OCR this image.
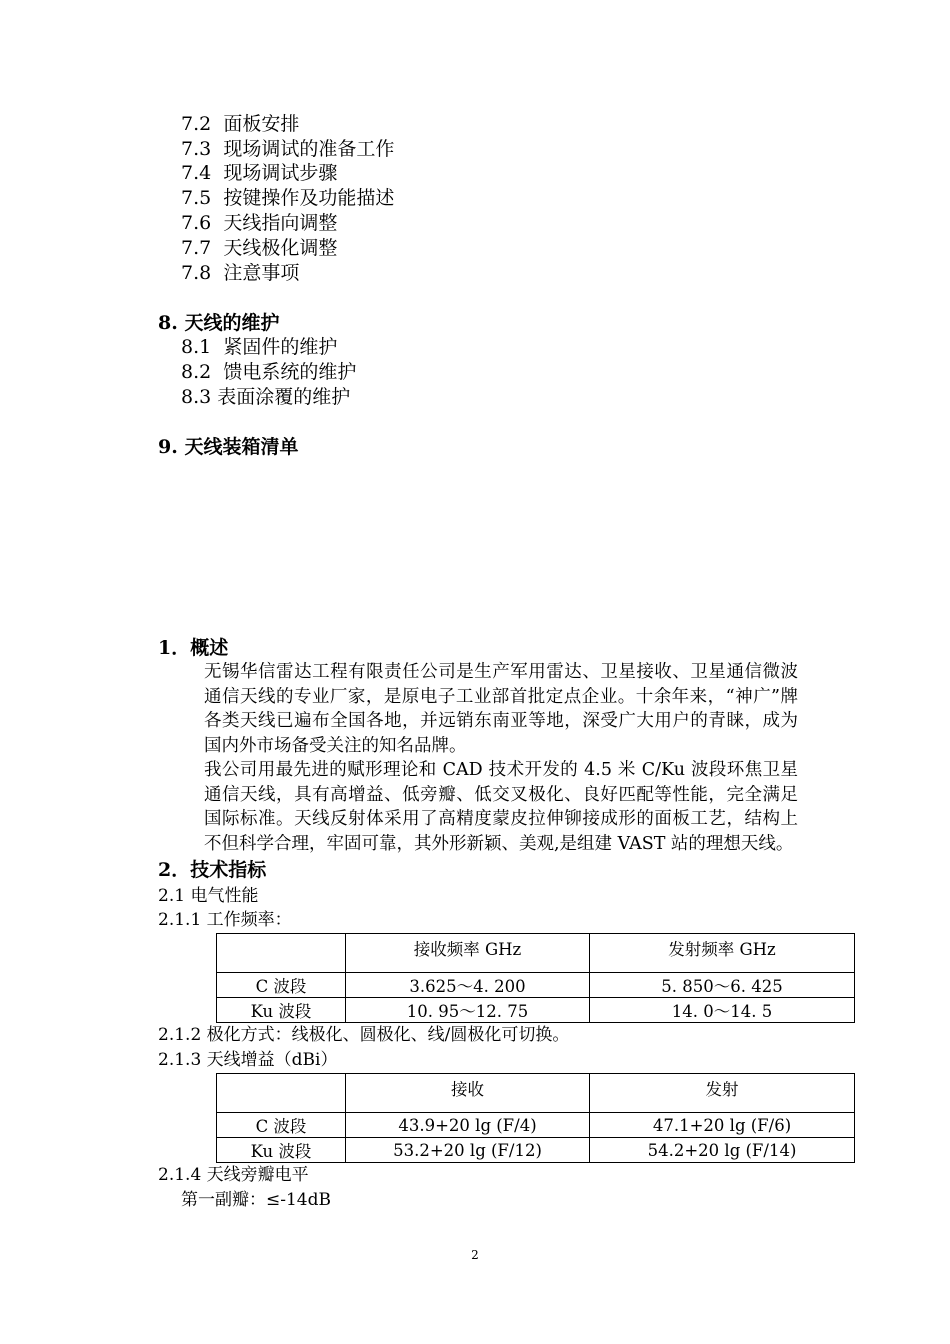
7.2 面板安排
7.3 现场调试的准备工作
7.4 现场调试步骤
7.5 按键操作及功能描述
7.6 天线指向调整
7.7 天线极化调整
7.8 注意事项
8. 天线的维护
8.1 紧固件的维护
8.2 馈电系统的维护
8.3 表面涂覆的维护
9. 天线装箱清单
1．概述
无锡华信雷达工程有限责任公司是生产军用雷达、卫星接收、卫星通信微波通信天线的专业厂家，是原电子工业部首批定点企业。十余年来，“神广”牌各类天线已遍布全国各地，并远销东南亚等地，深受广大用户的青睐，成为国内外市场备受关注的知名品牌。
我公司用最先进的赋形理论和 CAD 技术开发的 4.5 米 C/Ku 波段环焦卫星通信天线，具有高增益、低旁瓣、低交叉极化、良好匹配等性能，完全满足国际标准。天线反射体采用了高精度蒙皮拉伸铆接成形的面板工艺，结构上不但科学合理，牢固可靠，其外形新颖、美观,是组建 VAST 站的理想天线。
2．技术指标
2.1 电气性能
2.1.1 工作频率：
	接收频率 GHz	发射频率 GHz
C 波段	3.625～4. 200	5. 850～6. 425
Ku 波段	10. 95～12. 75	14. 0～14. 5
2.1.2 极化方式：线极化、圆极化、线/圆极化可切换。
2.1.3 天线增益（dBi）
	接收	发射
C 波段	43.9+20 lg (F/4)	47.1+20 lg (F/6)
Ku 波段	53.2+20 lg (F/12)	54.2+20 lg (F/14)
2.1.4 天线旁瓣电平
第一副瓣：≤-14dB
2
